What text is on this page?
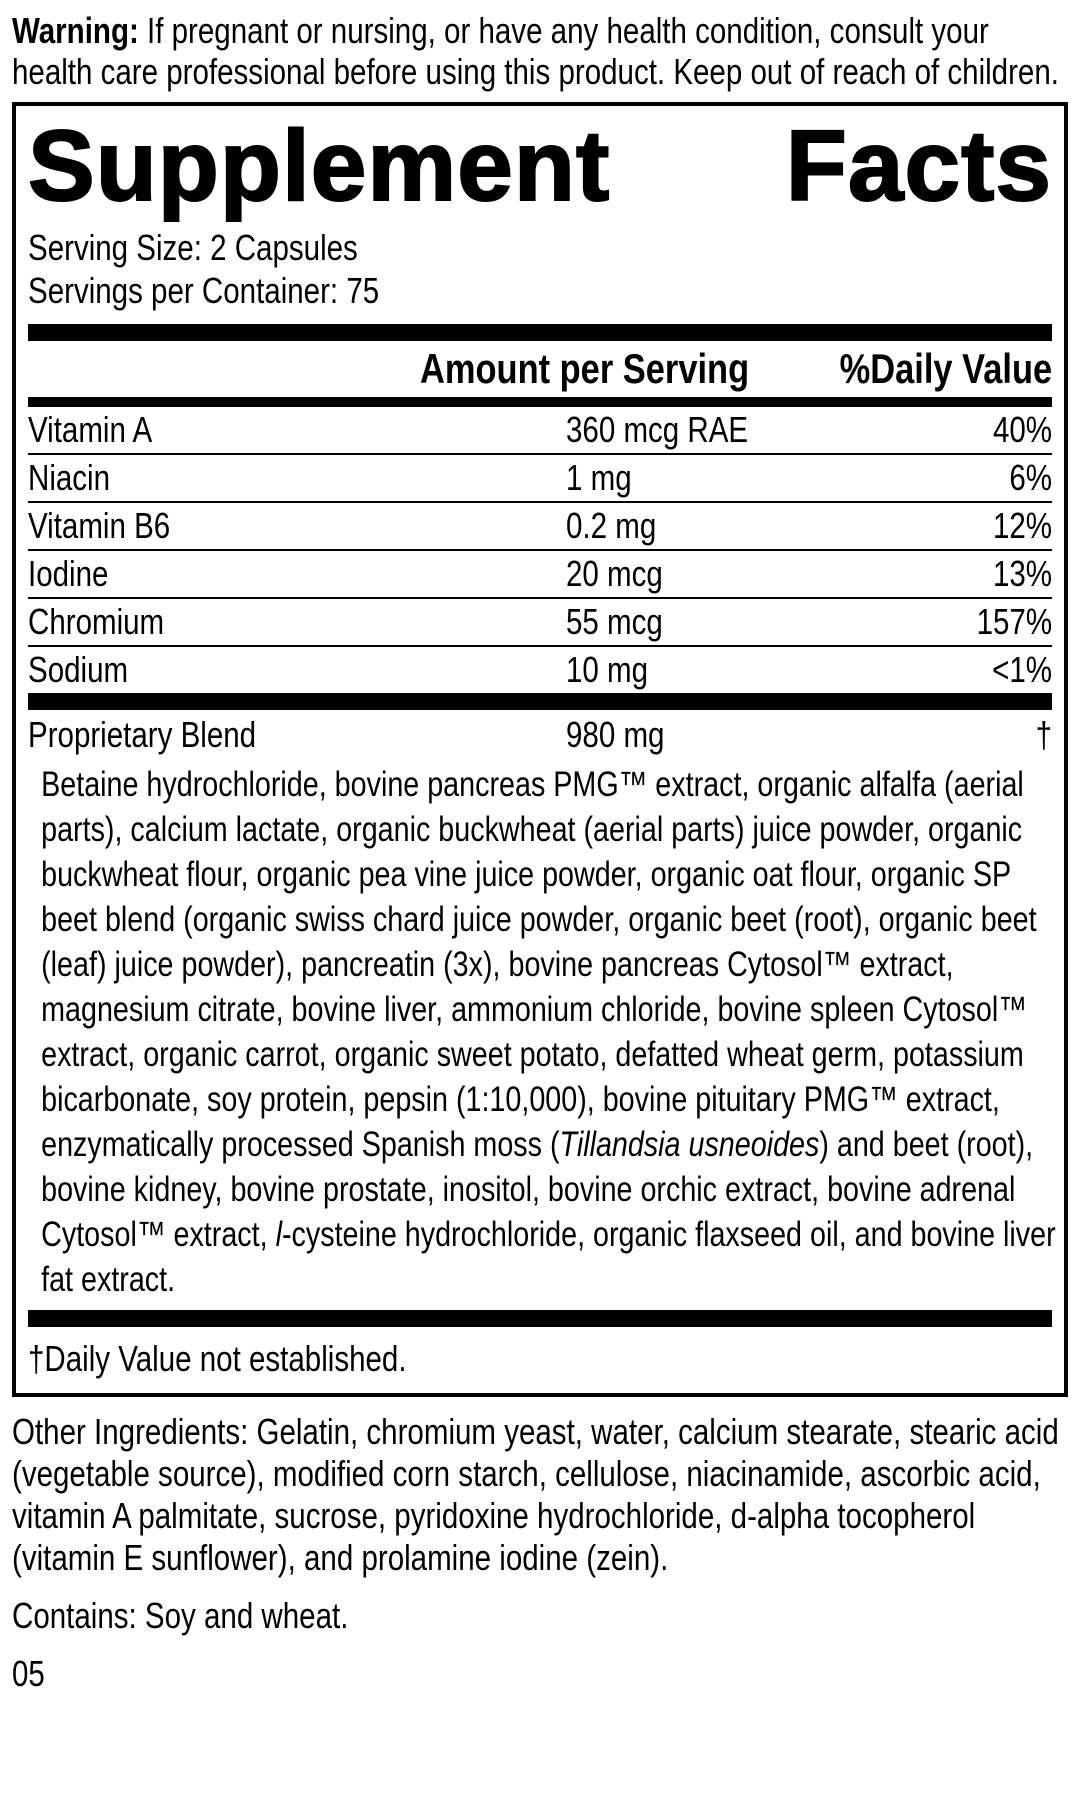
Warning: If pregnant or nursing, or have any health condition, consult your health care professional before using this product. Keep out of reach of children.

Supplement Facts

Serving Size: 2 Capsules

Servings per Container: 75

Amount per Serving %Daily Value
Vitamin A	360 mcg RAE	40%
Niacin	1 mg	6%
Vitamin B6	0.2 mg	12%
Iodine	20 mcg	13%
Chromium	55 mcg	157%
Sodium	10 mg	<1%
Proprietary Blend	980 mg	†

Betaine hydrochloride, bovine pancreas PMG™ extract, organic alfalfa (aerial parts), calcium lactate, organic buckwheat (aerial parts) juice powder, organic buckwheat flour, organic pea vine juice powder, organic oat flour, organic SP beet blend (organic swiss chard juice powder, organic beet (root), organic beet (leaf) juice powder), pancreatin (3x), bovine pancreas Cytosol™ extract, magnesium citrate, bovine liver, ammonium chloride, bovine spleen Cytosol™ extract, organic carrot, organic sweet potato, defatted wheat germ, potassium bicarbonate, soy protein, pepsin (1:10,000), bovine pituitary PMG™ extract, enzymatically processed Spanish moss (Tillandsia usneoides) and beet (root), bovine kidney, bovine prostate, inositol, bovine orchic extract, bovine adrenal Cytosol™ extract, l-cysteine hydrochloride, organic flaxseed oil, and bovine liver fat extract.

†Daily Value not established.

Other Ingredients: Gelatin, chromium yeast, water, calcium stearate, stearic acid (vegetable source), modified corn starch, cellulose, niacinamide, ascorbic acid, vitamin A palmitate, sucrose, pyridoxine hydrochloride, d-alpha tocopherol (vitamin E sunflower), and prolamine iodine (zein).

Contains: Soy and wheat.

05
